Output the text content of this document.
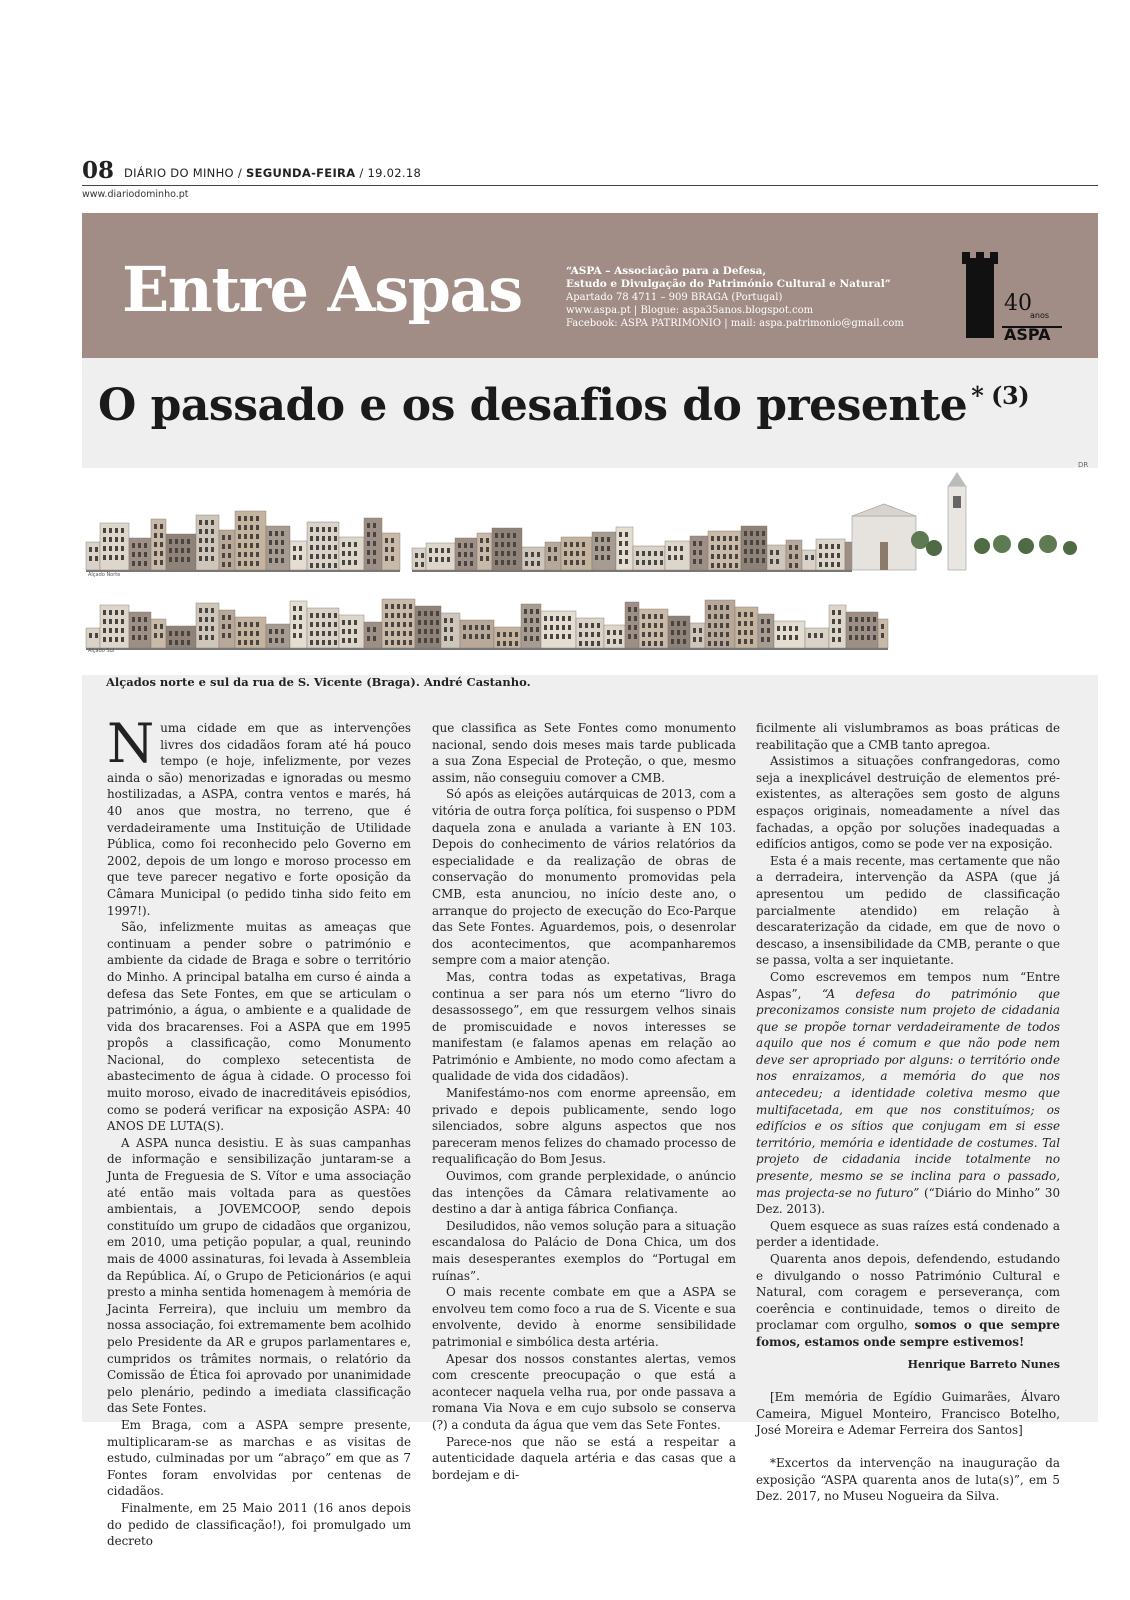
08 DIÁRIO DO MINHO / SEGUNDA-FEIRA / 19.02.18
www.diariodominho.pt
Entre Aspas	“ASPA – Associação para a Defesa,
Estudo e Divulgação do Património Cultural e Natural”
Apartado 78 4711 – 909 BRAGA (Portugal)
www.aspa.pt | Blogue: aspa35anos.blogspot.com
Facebook: ASPA PATRIMONIO | mail: aspa.patrimonio@gmail.com
40
anos
ASPA
O passado e os desafios do presente $^{* (3)}$
DR
Alçado Norte
Alçado Sul
Alçados norte e sul da rua de S. Vicente (Braga). André Castanho.

Numa cidade em que as intervenções livres dos cidadãos foram até há pouco tempo (e hoje, infelizmente, por vezes ainda o são) menorizadas e ignoradas ou mesmo hostilizadas, a ASPA, contra ventos e marés, há 40 anos que mostra, no terreno, que é verdadeiramente uma Instituição de Utilidade Pública, como foi reconhecido pelo Governo em 2002, depois de um longo e moroso processo em que teve parecer negativo e forte oposição da Câmara Municipal (o pedido tinha sido feito em 1997!).

São, infelizmente muitas as ameaças que continuam a pender sobre o património e ambiente da cidade de Braga e sobre o território do Minho. A principal batalha em curso é ainda a defesa das Sete Fontes, em que se articulam o património, a água, o ambiente e a qualidade de vida dos bracarenses. Foi a ASPA que em 1995 propôs a classificação, como Monumento Nacional, do complexo setecentista de abastecimento de água à cidade. O processo foi muito moroso, eivado de inacreditáveis episódios, como se poderá verificar na exposição ASPA: 40 ANOS DE LUTA(S).

A ASPA nunca desistiu. E às suas campanhas de informação e sensibilização juntaram-se a Junta de Freguesia de S. Vítor e uma associação até então mais voltada para as questões ambientais, a JOVEMCOOP, sendo depois constituído um grupo de cidadãos que organizou, em 2010, uma petição popular, a qual, reunindo mais de 4000 assinaturas, foi levada à Assembleia da República. Aí, o Grupo de Peticionários (e aqui presto a minha sentida homenagem à memória de Jacinta Ferreira), que incluiu um membro da nossa associação, foi extremamente bem acolhido pelo Presidente da AR e grupos parlamentares e, cumpridos os trâmites normais, o relatório da Comissão de Ética foi aprovado por unanimidade pelo plenário, pedindo a imediata classificação das Sete Fontes.

Em Braga, com a ASPA sempre presente, multiplicaram-se as marchas e as visitas de estudo, culminadas por um “abraço” em que as 7 Fontes foram envolvidas por centenas de cidadãos.

Finalmente, em 25 Maio 2011 (16 anos depois do pedido de classificação!), foi promulgado um decreto

que classifica as Sete Fontes como monumento nacional, sendo dois meses mais tarde publicada a sua Zona Especial de Proteção, o que, mesmo assim, não conseguiu comover a CMB.

Só após as eleições autárquicas de 2013, com a vitória de outra força política, foi suspenso o PDM daquela zona e anulada a variante à EN 103. Depois do conhecimento de vários relatórios da especialidade e da realização de obras de conservação do monumento promovidas pela CMB, esta anunciou, no início deste ano, o arranque do projecto de execução do Eco-Parque das Sete Fontes. Aguardemos, pois, o desenrolar dos acontecimentos, que acompanharemos sempre com a maior atenção.

Mas, contra todas as expetativas, Braga continua a ser para nós um eterno “livro do desassossego”, em que ressurgem velhos sinais de promiscuidade e novos interesses se manifestam (e falamos apenas em relação ao Património e Ambiente, no modo como afectam a qualidade de vida dos cidadãos).

Manifestámo-nos com enorme apreensão, em privado e depois publicamente, sendo logo silenciados, sobre alguns aspectos que nos pareceram menos felizes do chamado processo de requalificação do Bom Jesus.

Ouvimos, com grande perplexidade, o anúncio das intenções da Câmara relativamente ao destino a dar à antiga fábrica Confiança.

Desiludidos, não vemos solução para a situação escandalosa do Palácio de Dona Chica, um dos mais desesperantes exemplos do “Portugal em ruínas”.

O mais recente combate em que a ASPA se envolveu tem como foco a rua de S. Vicente e sua envolvente, devido à enorme sensibilidade patrimonial e simbólica desta artéria.

Apesar dos nossos constantes alertas, vemos com crescente preocupação o que está a acontecer naquela velha rua, por onde passava a romana Via Nova e em cujo subsolo se conserva (?) a conduta da água que vem das Sete Fontes.

Parece-nos que não se está a respeitar a autenticidade daquela artéria e das casas que a bordejam e di-

ficilmente ali vislumbramos as boas práticas de reabilitação que a CMB tanto apregoa.

Assistimos a situações confrangedoras, como seja a inexplicável destruição de elementos pré-existentes, as alterações sem gosto de alguns espaços originais, nomeadamente a nível das fachadas, a opção por soluções inadequadas a edifícios antigos, como se pode ver na exposição.

Esta é a mais recente, mas certamente que não a derradeira, intervenção da ASPA (que já apresentou um pedido de classificação parcialmente atendido) em relação à descaraterização da cidade, em que de novo o descaso, a insensibilidade da CMB, perante o que se passa, volta a ser inquietante.

Como escrevemos em tempos num “Entre Aspas”, “A defesa do património que preconizamos consiste num projeto de cidadania que se propõe tornar verdadeiramente de todos aquilo que nos é comum e que não pode nem deve ser apropriado por alguns: o território onde nos enraizamos, a memória do que nos antecedeu; a identidade coletiva mesmo que multifacetada, em que nos constituímos; os edifícios e os sítios que conjugam em si esse território, memória e identidade de costumes. Tal projeto de cidadania incide totalmente no presente, mesmo se se inclina para o passado, mas projecta-se no futuro” (“Diário do Minho” 30 Dez. 2013).

Quem esquece as suas raízes está condenado a perder a identidade.

Quarenta anos depois, defendendo, estudando e divulgando o nosso Património Cultural e Natural, com coragem e perseverança, com coerência e continuidade, temos o direito de proclamar com orgulho, somos o que sempre fomos, estamos onde sempre estivemos!

Henrique Barreto Nunes

[Em memória de Egídio Guimarães, Álvaro Cameira, Miguel Monteiro, Francisco Botelho, José Moreira e Ademar Ferreira dos Santos]

*Excertos da intervenção na inauguração da exposição “ASPA quarenta anos de luta(s)”, em 5 Dez. 2017, no Museu Nogueira da Silva.
